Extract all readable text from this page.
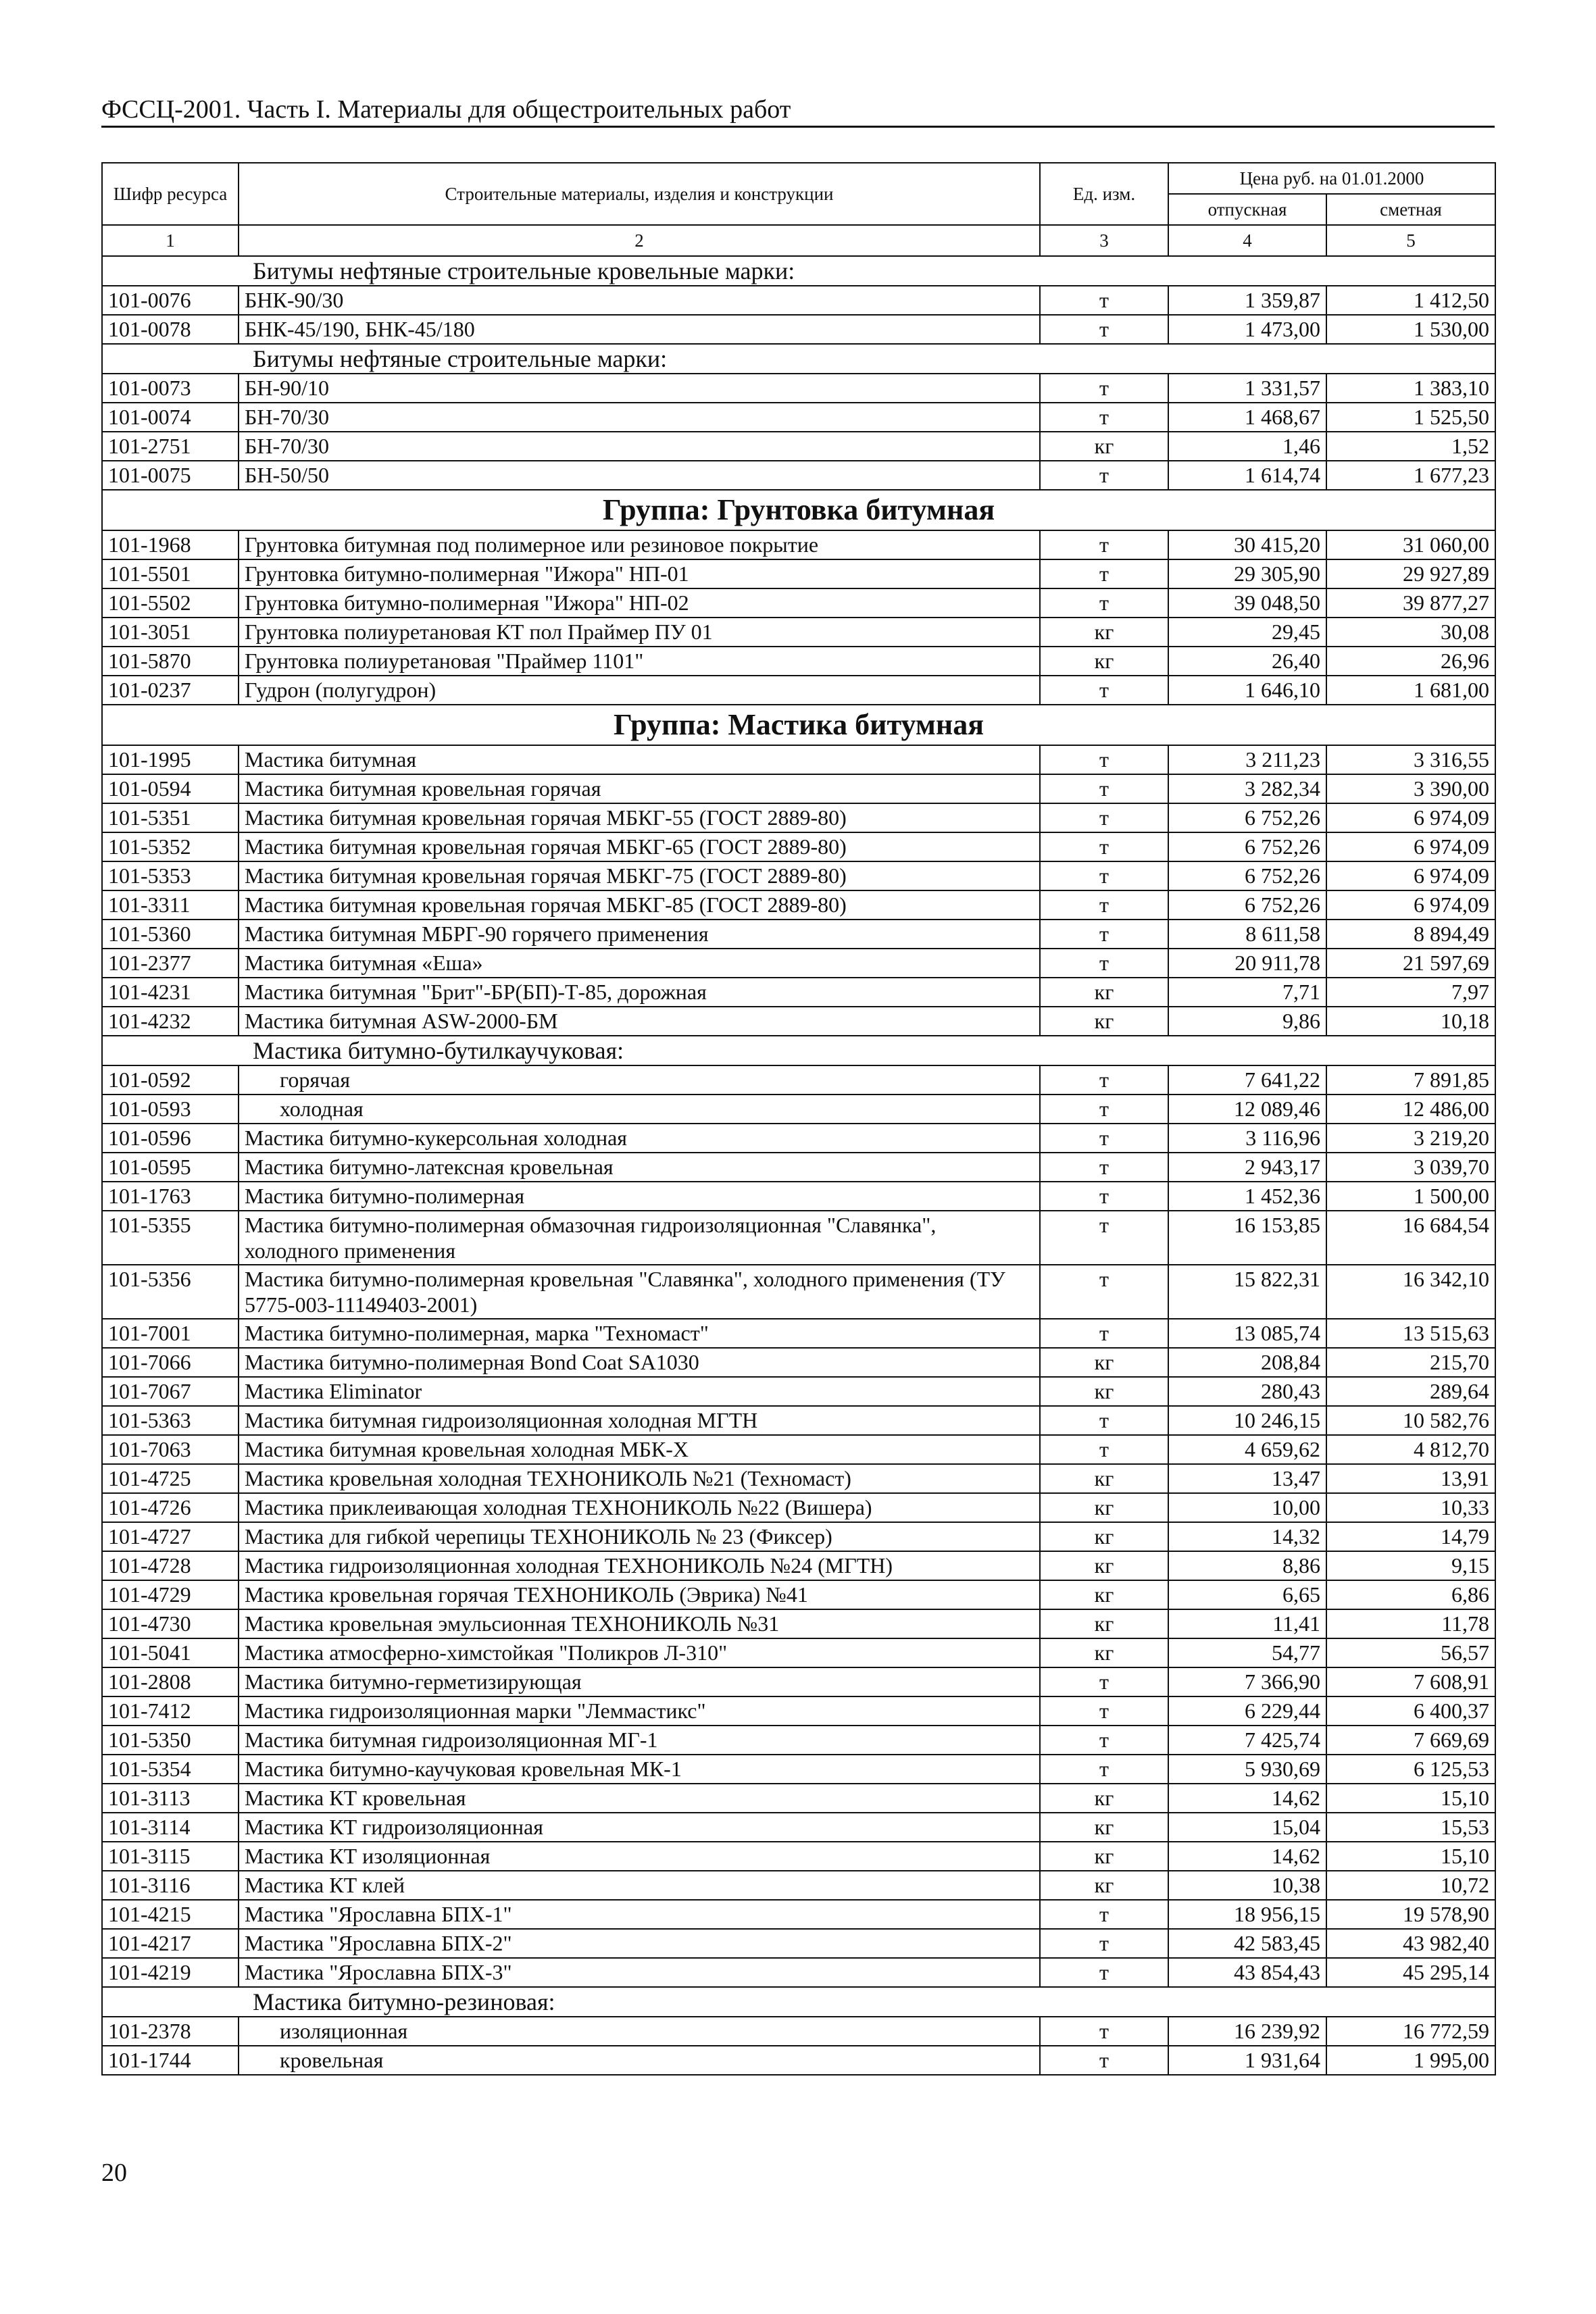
ФССЦ-2001. Часть I. Материалы для общестроительных работ
Шифр ресурса	Строительные материалы, изделия и конструкции	Ед. изм.	Цена руб. на 01.01.2000	
			отпускная	сметная
1	2	3	4	5
Битумы нефтяные строительные кровельные марки:				
101-0076	БНК-90/30	т	1 359,87	1 412,50
101-0078	БНК-45/190, БНК-45/180	т	1 473,00	1 530,00
Битумы нефтяные строительные марки:				
101-0073	БН-90/10	т	1 331,57	1 383,10
101-0074	БН-70/30	т	1 468,67	1 525,50
101-2751	БН-70/30	кг	1,46	1,52
101-0075	БН-50/50	т	1 614,74	1 677,23
Группа: Грунтовка битумная				
101-1968	Грунтовка битумная под полимерное или резиновое покрытие	т	30 415,20	31 060,00
101-5501	Грунтовка битумно-полимерная "Ижора" НП-01	т	29 305,90	29 927,89
101-5502	Грунтовка битумно-полимерная "Ижора" НП-02	т	39 048,50	39 877,27
101-3051	Грунтовка полиуретановая КТ пол Праймер ПУ 01	кг	29,45	30,08
101-5870	Грунтовка полиуретановая "Праймер 1101"	кг	26,40	26,96
101-0237	Гудрон (полугудрон)	т	1 646,10	1 681,00
Группа: Мастика битумная				
101-1995	Мастика битумная	т	3 211,23	3 316,55
101-0594	Мастика битумная кровельная горячая	т	3 282,34	3 390,00
101-5351	Мастика битумная кровельная горячая МБКГ-55 (ГОСТ 2889-80)	т	6 752,26	6 974,09
101-5352	Мастика битумная кровельная горячая МБКГ-65 (ГОСТ 2889-80)	т	6 752,26	6 974,09
101-5353	Мастика битумная кровельная горячая МБКГ-75 (ГОСТ 2889-80)	т	6 752,26	6 974,09
101-3311	Мастика битумная кровельная горячая МБКГ-85 (ГОСТ 2889-80)	т	6 752,26	6 974,09
101-5360	Мастика битумная МБРГ-90 горячего применения	т	8 611,58	8 894,49
101-2377	Мастика битумная «Еша»	т	20 911,78	21 597,69
101-4231	Мастика битумная "Брит"-БР(БП)-Т-85, дорожная	кг	7,71	7,97
101-4232	Мастика битумная ASW-2000-БМ	кг	9,86	10,18
Мастика битумно-бутилкаучуковая:				
101-0592	горячая	т	7 641,22	7 891,85
101-0593	холодная	т	12 089,46	12 486,00
101-0596	Мастика битумно-кукерсольная холодная	т	3 116,96	3 219,20
101-0595	Мастика битумно-латексная кровельная	т	2 943,17	3 039,70
101-1763	Мастика битумно-полимерная	т	1 452,36	1 500,00
101-5355	Мастика битумно-полимерная обмазочная гидроизоляционная "Славянка", холодного применения	т	16 153,85	16 684,54
101-5356	Мастика битумно-полимерная кровельная "Славянка", холодного применения (ТУ 5775-003-11149403-2001)	т	15 822,31	16 342,10
101-7001	Мастика битумно-полимерная, марка "Техномаст"	т	13 085,74	13 515,63
101-7066	Мастика битумно-полимерная Bond Coat SA1030	кг	208,84	215,70
101-7067	Мастика Eliminator	кг	280,43	289,64
101-5363	Мастика битумная гидроизоляционная холодная МГТН	т	10 246,15	10 582,76
101-7063	Мастика битумная кровельная холодная МБК-Х	т	4 659,62	4 812,70
101-4725	Мастика кровельная холодная ТЕХНОНИКОЛЬ №21 (Техномаст)	кг	13,47	13,91
101-4726	Мастика приклеивающая холодная ТЕХНОНИКОЛЬ №22 (Вишера)	кг	10,00	10,33
101-4727	Мастика для гибкой черепицы ТЕХНОНИКОЛЬ № 23 (Фиксер)	кг	14,32	14,79
101-4728	Мастика гидроизоляционная холодная ТЕХНОНИКОЛЬ №24 (МГТН)	кг	8,86	9,15
101-4729	Мастика кровельная горячая ТЕХНОНИКОЛЬ (Эврика) №41	кг	6,65	6,86
101-4730	Мастика кровельная эмульсионная ТЕХНОНИКОЛЬ №31	кг	11,41	11,78
101-5041	Мастика атмосферно-химстойкая "Поликров Л-310"	кг	54,77	56,57
101-2808	Мастика битумно-герметизирующая	т	7 366,90	7 608,91
101-7412	Мастика гидроизоляционная марки "Леммастикс"	т	6 229,44	6 400,37
101-5350	Мастика битумная гидроизоляционная МГ-1	т	7 425,74	7 669,69
101-5354	Мастика битумно-каучуковая кровельная МК-1	т	5 930,69	6 125,53
101-3113	Мастика КТ кровельная	кг	14,62	15,10
101-3114	Мастика КТ гидроизоляционная	кг	15,04	15,53
101-3115	Мастика КТ изоляционная	кг	14,62	15,10
101-3116	Мастика КТ клей	кг	10,38	10,72
101-4215	Мастика "Ярославна БПХ-1"	т	18 956,15	19 578,90
101-4217	Мастика "Ярославна БПХ-2"	т	42 583,45	43 982,40
101-4219	Мастика "Ярославна БПХ-3"	т	43 854,43	45 295,14
Мастика битумно-резиновая:				
101-2378	изоляционная	т	16 239,92	16 772,59
101-1744	кровельная	т	1 931,64	1 995,00
20
